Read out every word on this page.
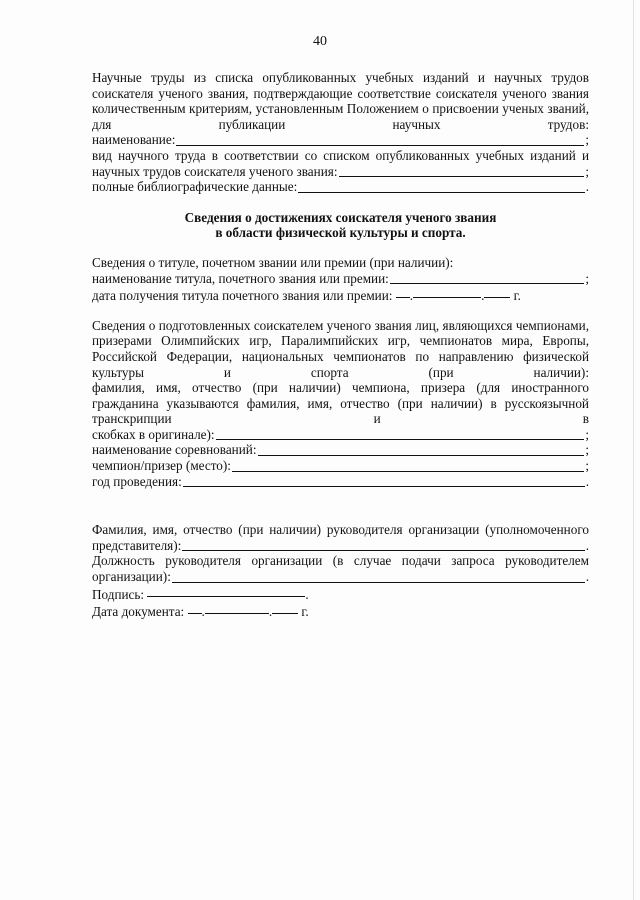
40
Научные труды из списка опубликованных учебных изданий и научных трудов соискателя ученого звания, подтверждающие соответствие соискателя ученого звания количественным критериям, установленным Положением о присвоении ученых званий, для публикации научных трудов:
наименование:	;
вид научного труда в соответствии со списком опубликованных учебных изданий и
научных трудов соискателя ученого звания:	;
полные библиографические данные:	.
Сведения о достижениях соискателя ученого звания
в области физической культуры и спорта.
Сведения о титуле, почетном звании или премии (при наличии):
наименование титула, почетного звания или премии:	;
дата получения титула почетного звания или премии: .	. г.
Сведения о подготовленных соискателем ученого звания лиц, являющихся чемпионами, призерами Олимпийских игр, Паралимпийских игр, чемпионатов мира, Европы, Российской Федерации, национальных чемпионатов по направлению физической культуры и спорта (при наличии):
фамилия, имя, отчество (при наличии) чемпиона, призера (для иностранного гражданина указываются фамилия, имя, отчество (при наличии) в русскоязычной транскрипции и в
скобках в оригинале):	;
наименование соревнований:	;
чемпион/призер (место):	;
год проведения:	.
Фамилия, имя, отчество (при наличии) руководителя организации (уполномоченного
представителя):	.
Должность руководителя организации (в случае подачи запроса руководителем
организации):	.
Подпись:	.
Дата документа: .	. г.
